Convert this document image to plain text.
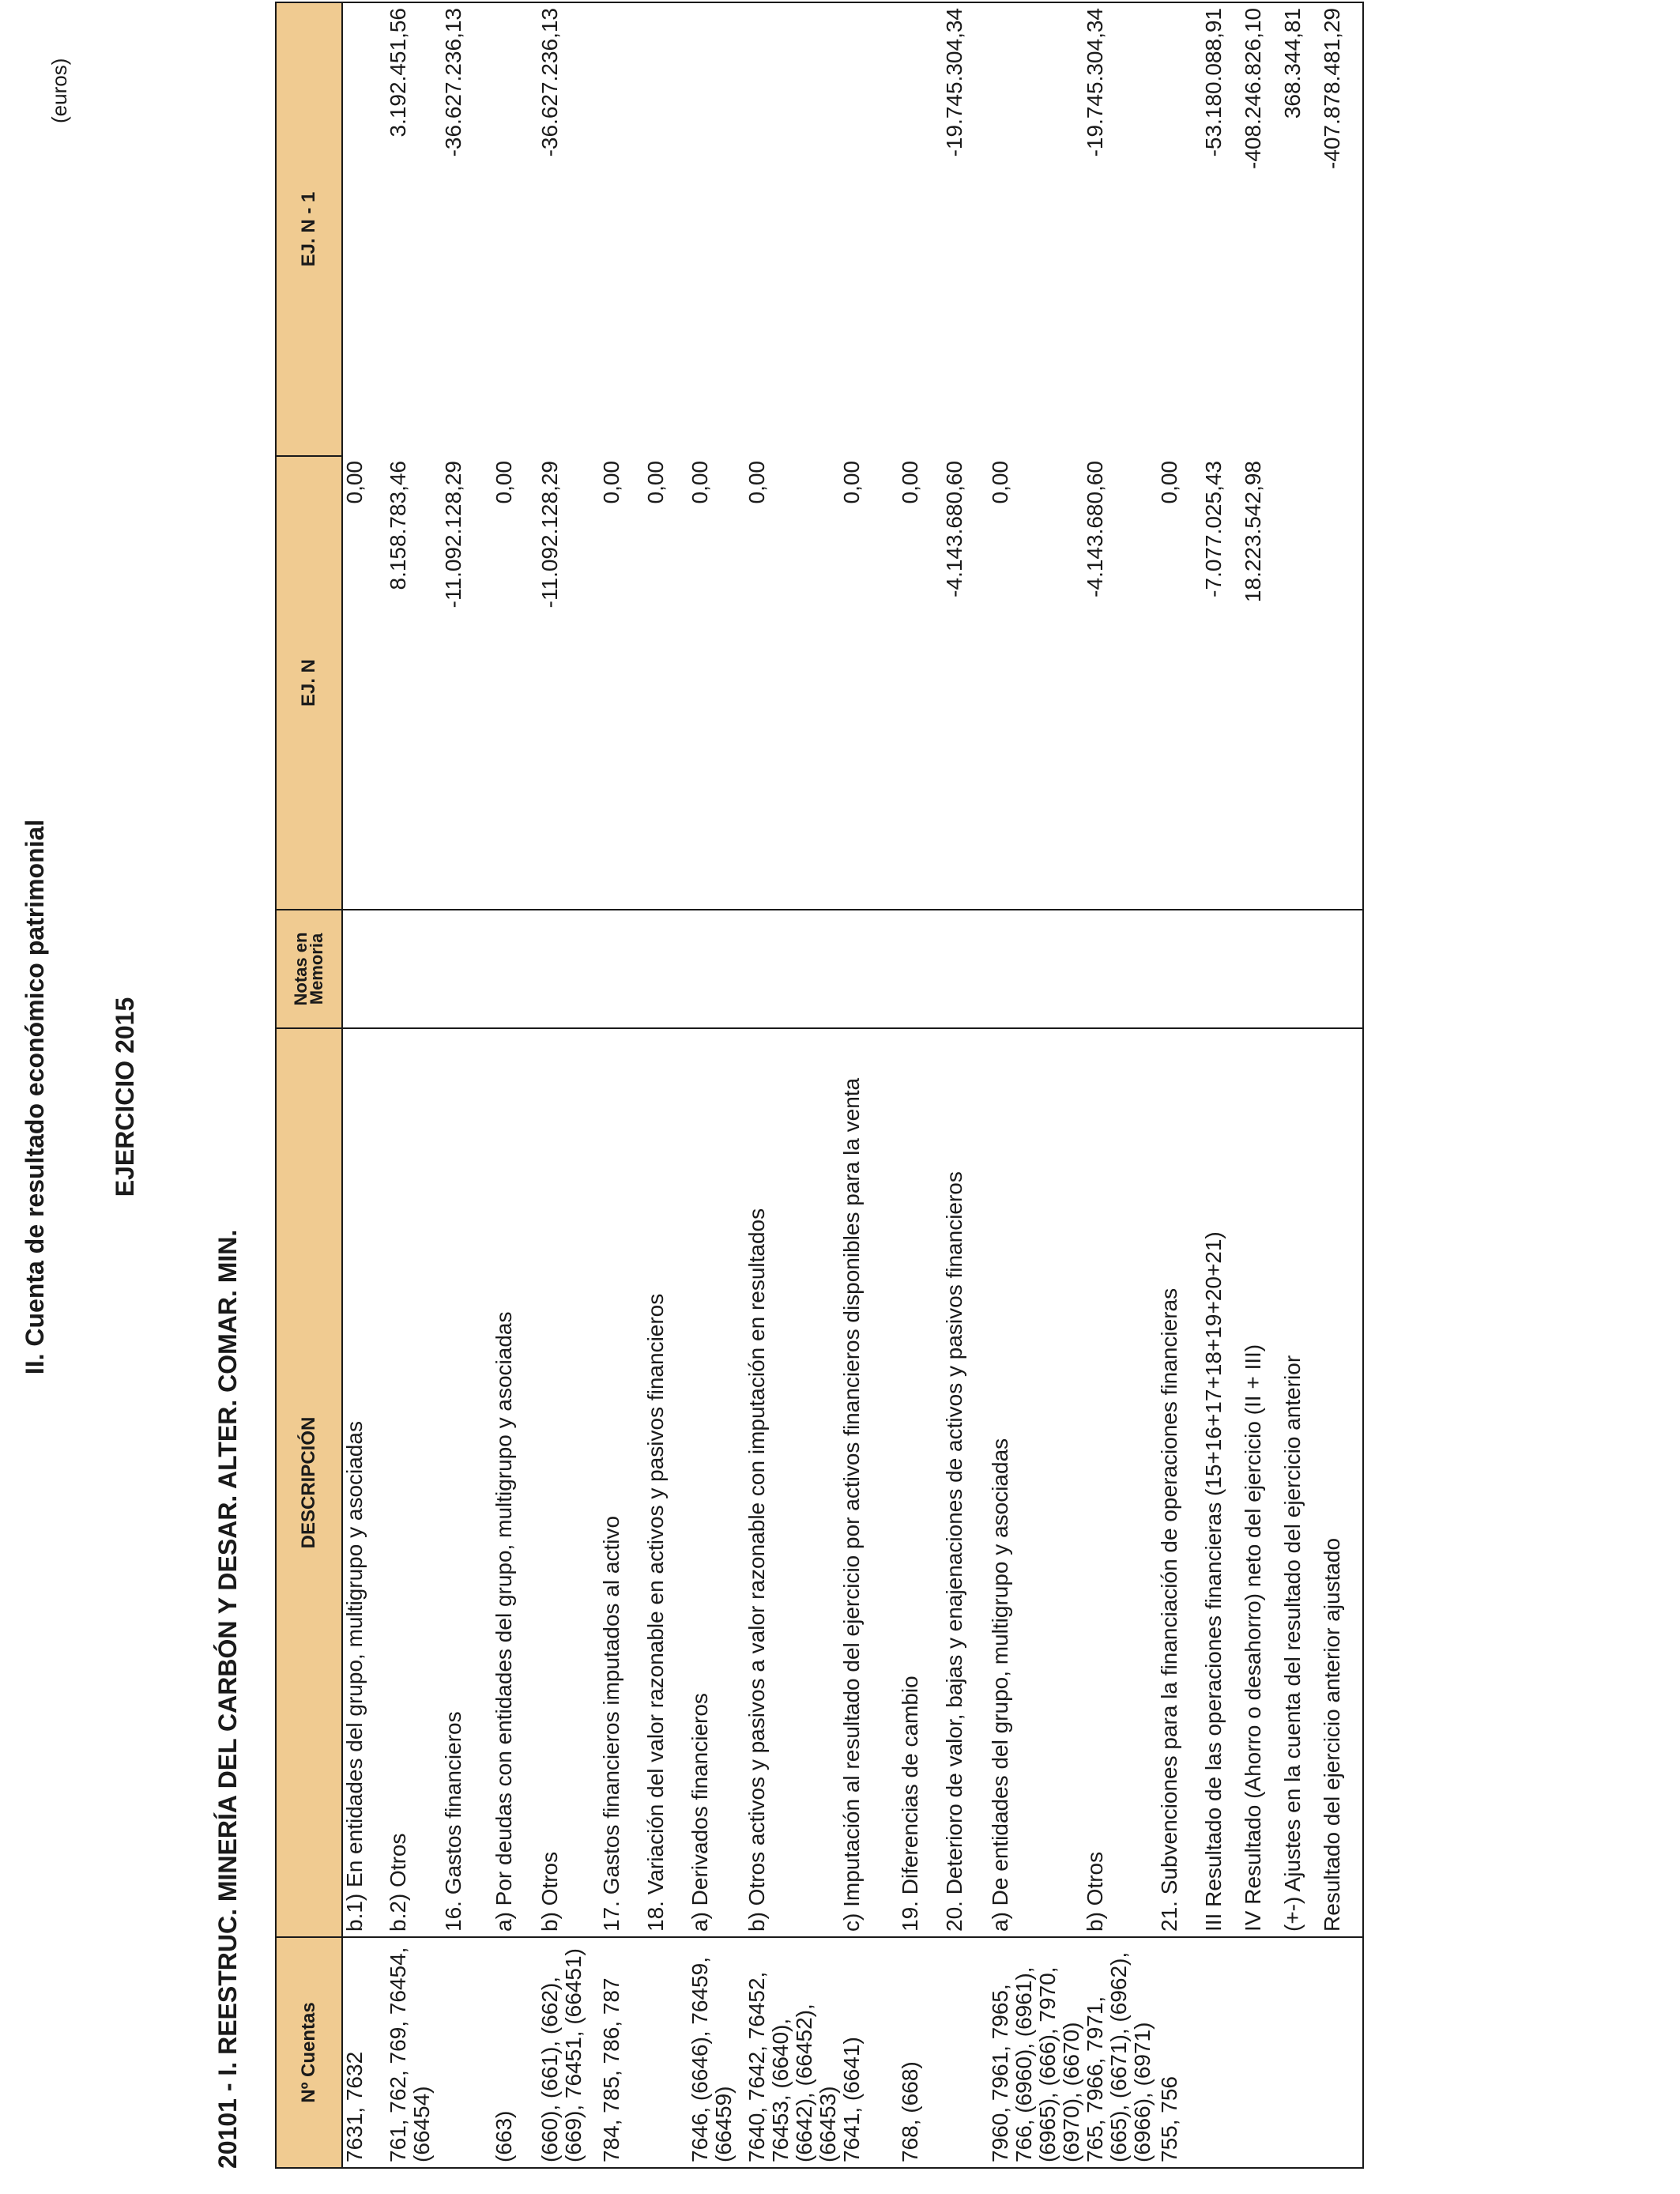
II. Cuenta de resultado económico patrimonial EJERCICIO 2015
20101 - I. REESTRUC. MINERÍA DEL CARBÓN Y DESAR. ALTER. COMAR. MIN.
(euros)
Nº Cuentas	DESCRIPCIÓN	Notas en Memoria	EJ. N	EJ. N - 1
7631, 7632	b.1) En entidades del grupo, multigrupo y asociadas		0,00	
761, 762, 769, 76454, (66454)	b.2) Otros		8.158.783,46	3.192.451,56
	16. Gastos financieros		-11.092.128,29	-36.627.236,13
(663)	a) Por deudas con entidades del grupo, multigrupo y asociadas		0,00	
(660), (661), (662), (669), 76451, (66451)	b) Otros		-11.092.128,29	-36.627.236,13
784, 785, 786, 787	17. Gastos financieros imputados al activo		0,00	
	18. Variación del valor razonable en activos y pasivos financieros		0,00	
7646, (6646), 76459, (66459)	a) Derivados financieros		0,00	
7640, 7642, 76452, 76453, (6640), (6642), (66452), (66453)	b) Otros activos y pasivos a valor razonable con imputación en resultados		0,00	
7641, (6641)	c) Imputación al resultado del ejercicio por activos financieros disponibles para la venta		0,00	
768, (668)	19. Diferencias de cambio		0,00	
	20. Deterioro de valor, bajas y enajenaciones de activos y pasivos financieros		-4.143.680,60	-19.745.304,34
7960, 7961, 7965, 766, (6960), (6961), (6965), (666), 7970, (6970), (6670)	a) De entidades del grupo, multigrupo y asociadas		0,00	
765, 7966, 7971, (665), (6671), (6962), (6966), (6971)	b) Otros		-4.143.680,60	-19.745.304,34
755, 756	21. Subvenciones para la financiación de operaciones financieras		0,00	
	III Resultado de las operaciones financieras (15+16+17+18+19+20+21)		-7.077.025,43	-53.180.088,91
	IV Resultado (Ahorro o desahorro) neto del ejercicio (II + III)		18.223.542,98	-408.246.826,10
	(+-) Ajustes en la cuenta del resultado del ejercicio anterior			368.344,81
	Resultado del ejercicio anterior ajustado			-407.878.481,29
